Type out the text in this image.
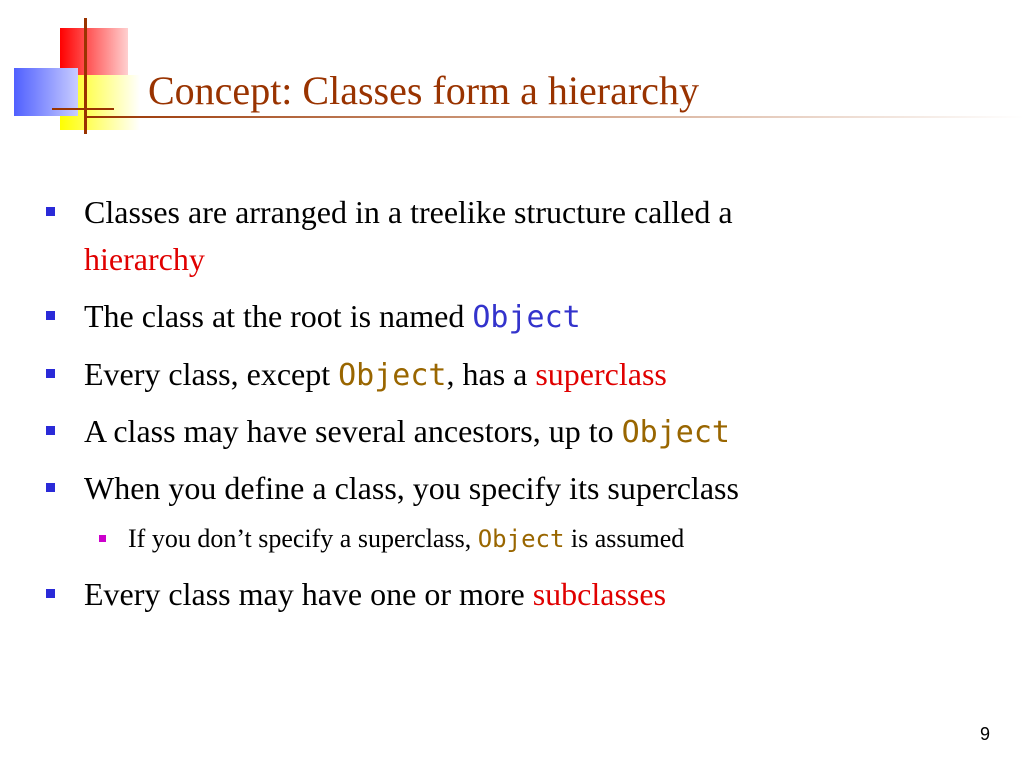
Concept: Classes form a hierarchy
Classes are arranged in a treelike structure called a
hierarchy
The class at the root is named Object
Every class, except Object, has a superclass
A class may have several ancestors, up to Object
When you define a class, you specify its superclass
If you don’t specify a superclass, Object is assumed
Every class may have one or more subclasses
9
